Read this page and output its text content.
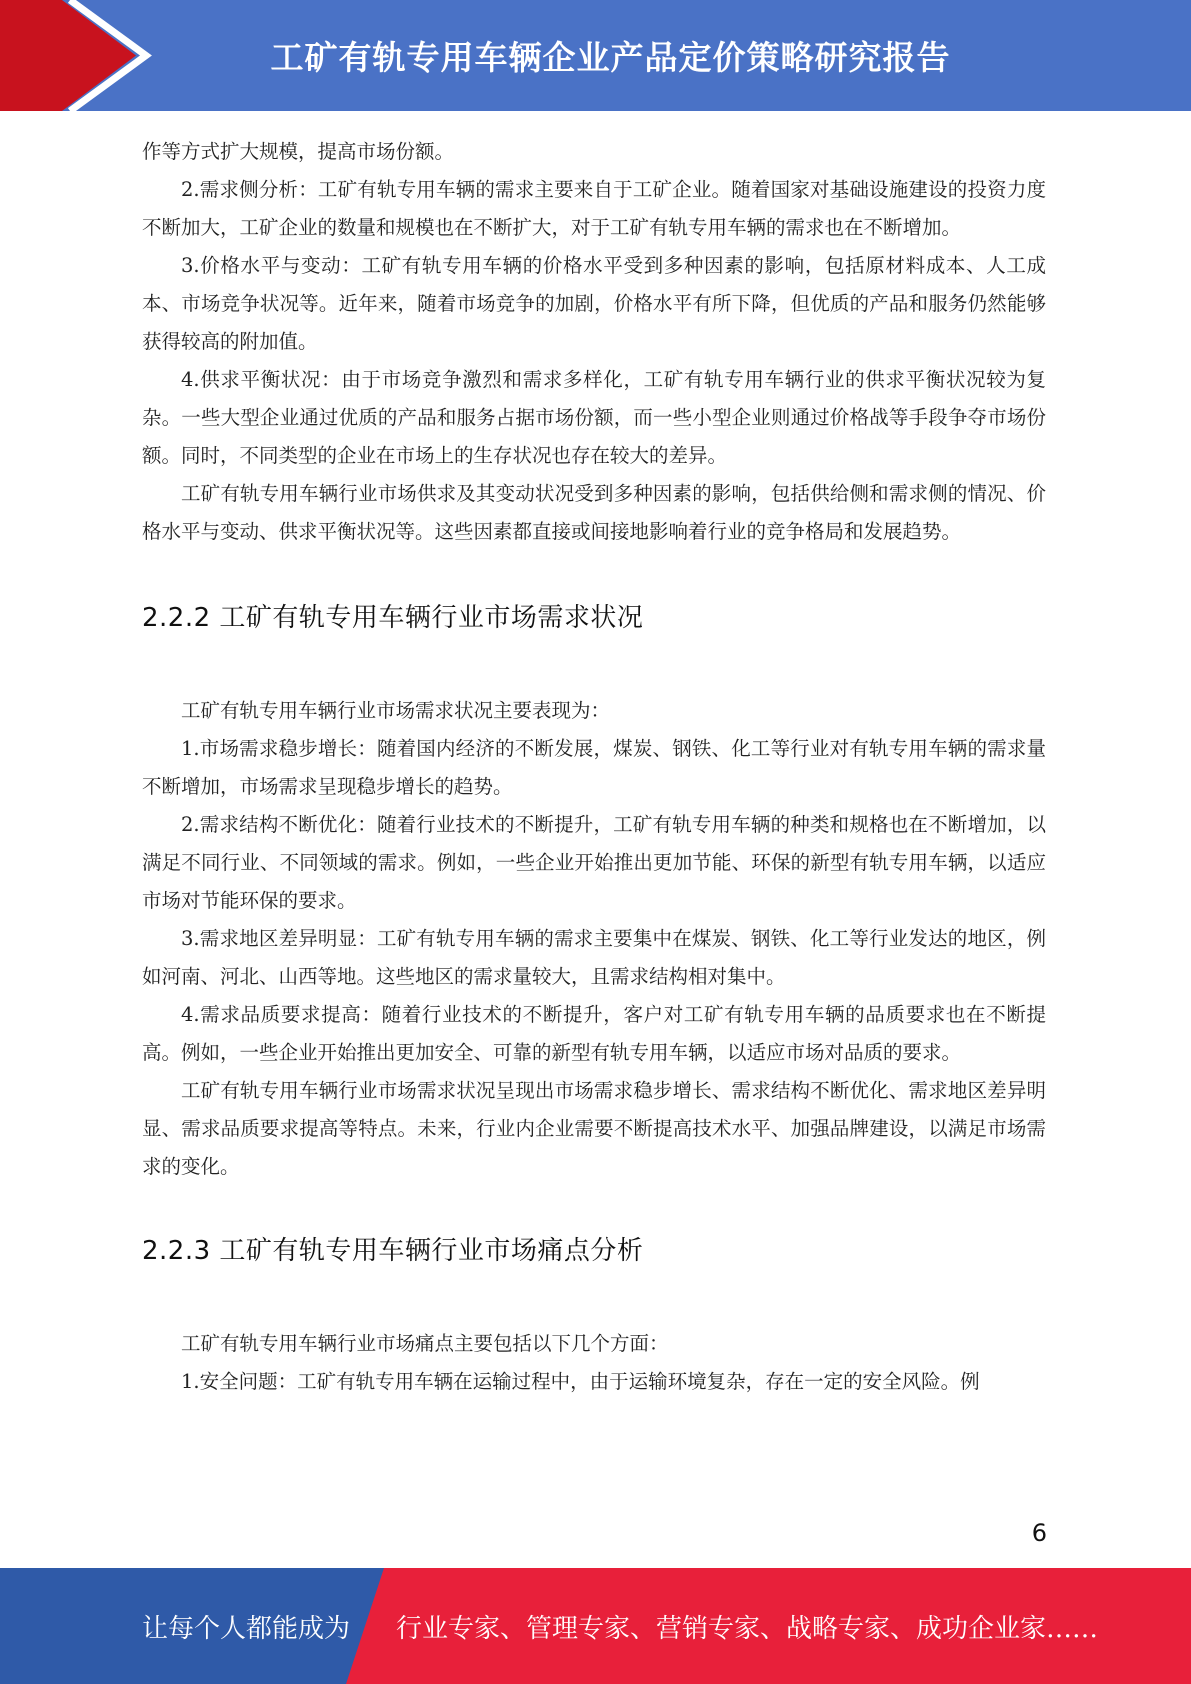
工矿有轨专用车辆企业产品定价策略研究报告

作等方式扩大规模，提高市场份额。

2.需求侧分析：工矿有轨专用车辆的需求主要来自于工矿企业。随着国家对基础设施建设的投资力度不断加大，工矿企业的数量和规模也在不断扩大，对于工矿有轨专用车辆的需求也在不断增加。

3.价格水平与变动：工矿有轨专用车辆的价格水平受到多种因素的影响，包括原材料成本、人工成本、市场竞争状况等。近年来，随着市场竞争的加剧，价格水平有所下降，但优质的产品和服务仍然能够获得较高的附加值。

4.供求平衡状况：由于市场竞争激烈和需求多样化，工矿有轨专用车辆行业的供求平衡状况较为复杂。一些大型企业通过优质的产品和服务占据市场份额，而一些小型企业则通过价格战等手段争夺市场份额。同时，不同类型的企业在市场上的生存状况也存在较大的差异。

工矿有轨专用车辆行业市场供求及其变动状况受到多种因素的影响，包括供给侧和需求侧的情况、价格水平与变动、供求平衡状况等。这些因素都直接或间接地影响着行业的竞争格局和发展趋势。

2.2.2 工矿有轨专用车辆行业市场需求状况

工矿有轨专用车辆行业市场需求状况主要表现为：

1.市场需求稳步增长：随着国内经济的不断发展，煤炭、钢铁、化工等行业对有轨专用车辆的需求量不断增加，市场需求呈现稳步增长的趋势。

2.需求结构不断优化：随着行业技术的不断提升，工矿有轨专用车辆的种类和规格也在不断增加，以满足不同行业、不同领域的需求。例如，一些企业开始推出更加节能、环保的新型有轨专用车辆，以适应市场对节能环保的要求。

3.需求地区差异明显：工矿有轨专用车辆的需求主要集中在煤炭、钢铁、化工等行业发达的地区，例如河南、河北、山西等地。这些地区的需求量较大，且需求结构相对集中。

4.需求品质要求提高：随着行业技术的不断提升，客户对工矿有轨专用车辆的品质要求也在不断提高。例如，一些企业开始推出更加安全、可靠的新型有轨专用车辆，以适应市场对品质的要求。

工矿有轨专用车辆行业市场需求状况呈现出市场需求稳步增长、需求结构不断优化、需求地区差异明显、需求品质要求提高等特点。未来，行业内企业需要不断提高技术水平、加强品牌建设，以满足市场需求的变化。

2.2.3 工矿有轨专用车辆行业市场痛点分析

工矿有轨专用车辆行业市场痛点主要包括以下几个方面：

1.安全问题：工矿有轨专用车辆在运输过程中，由于运输环境复杂，存在一定的安全风险。例

6
让每个人都能成为 行业专家、管理专家、营销专家、战略专家、成功企业家……
